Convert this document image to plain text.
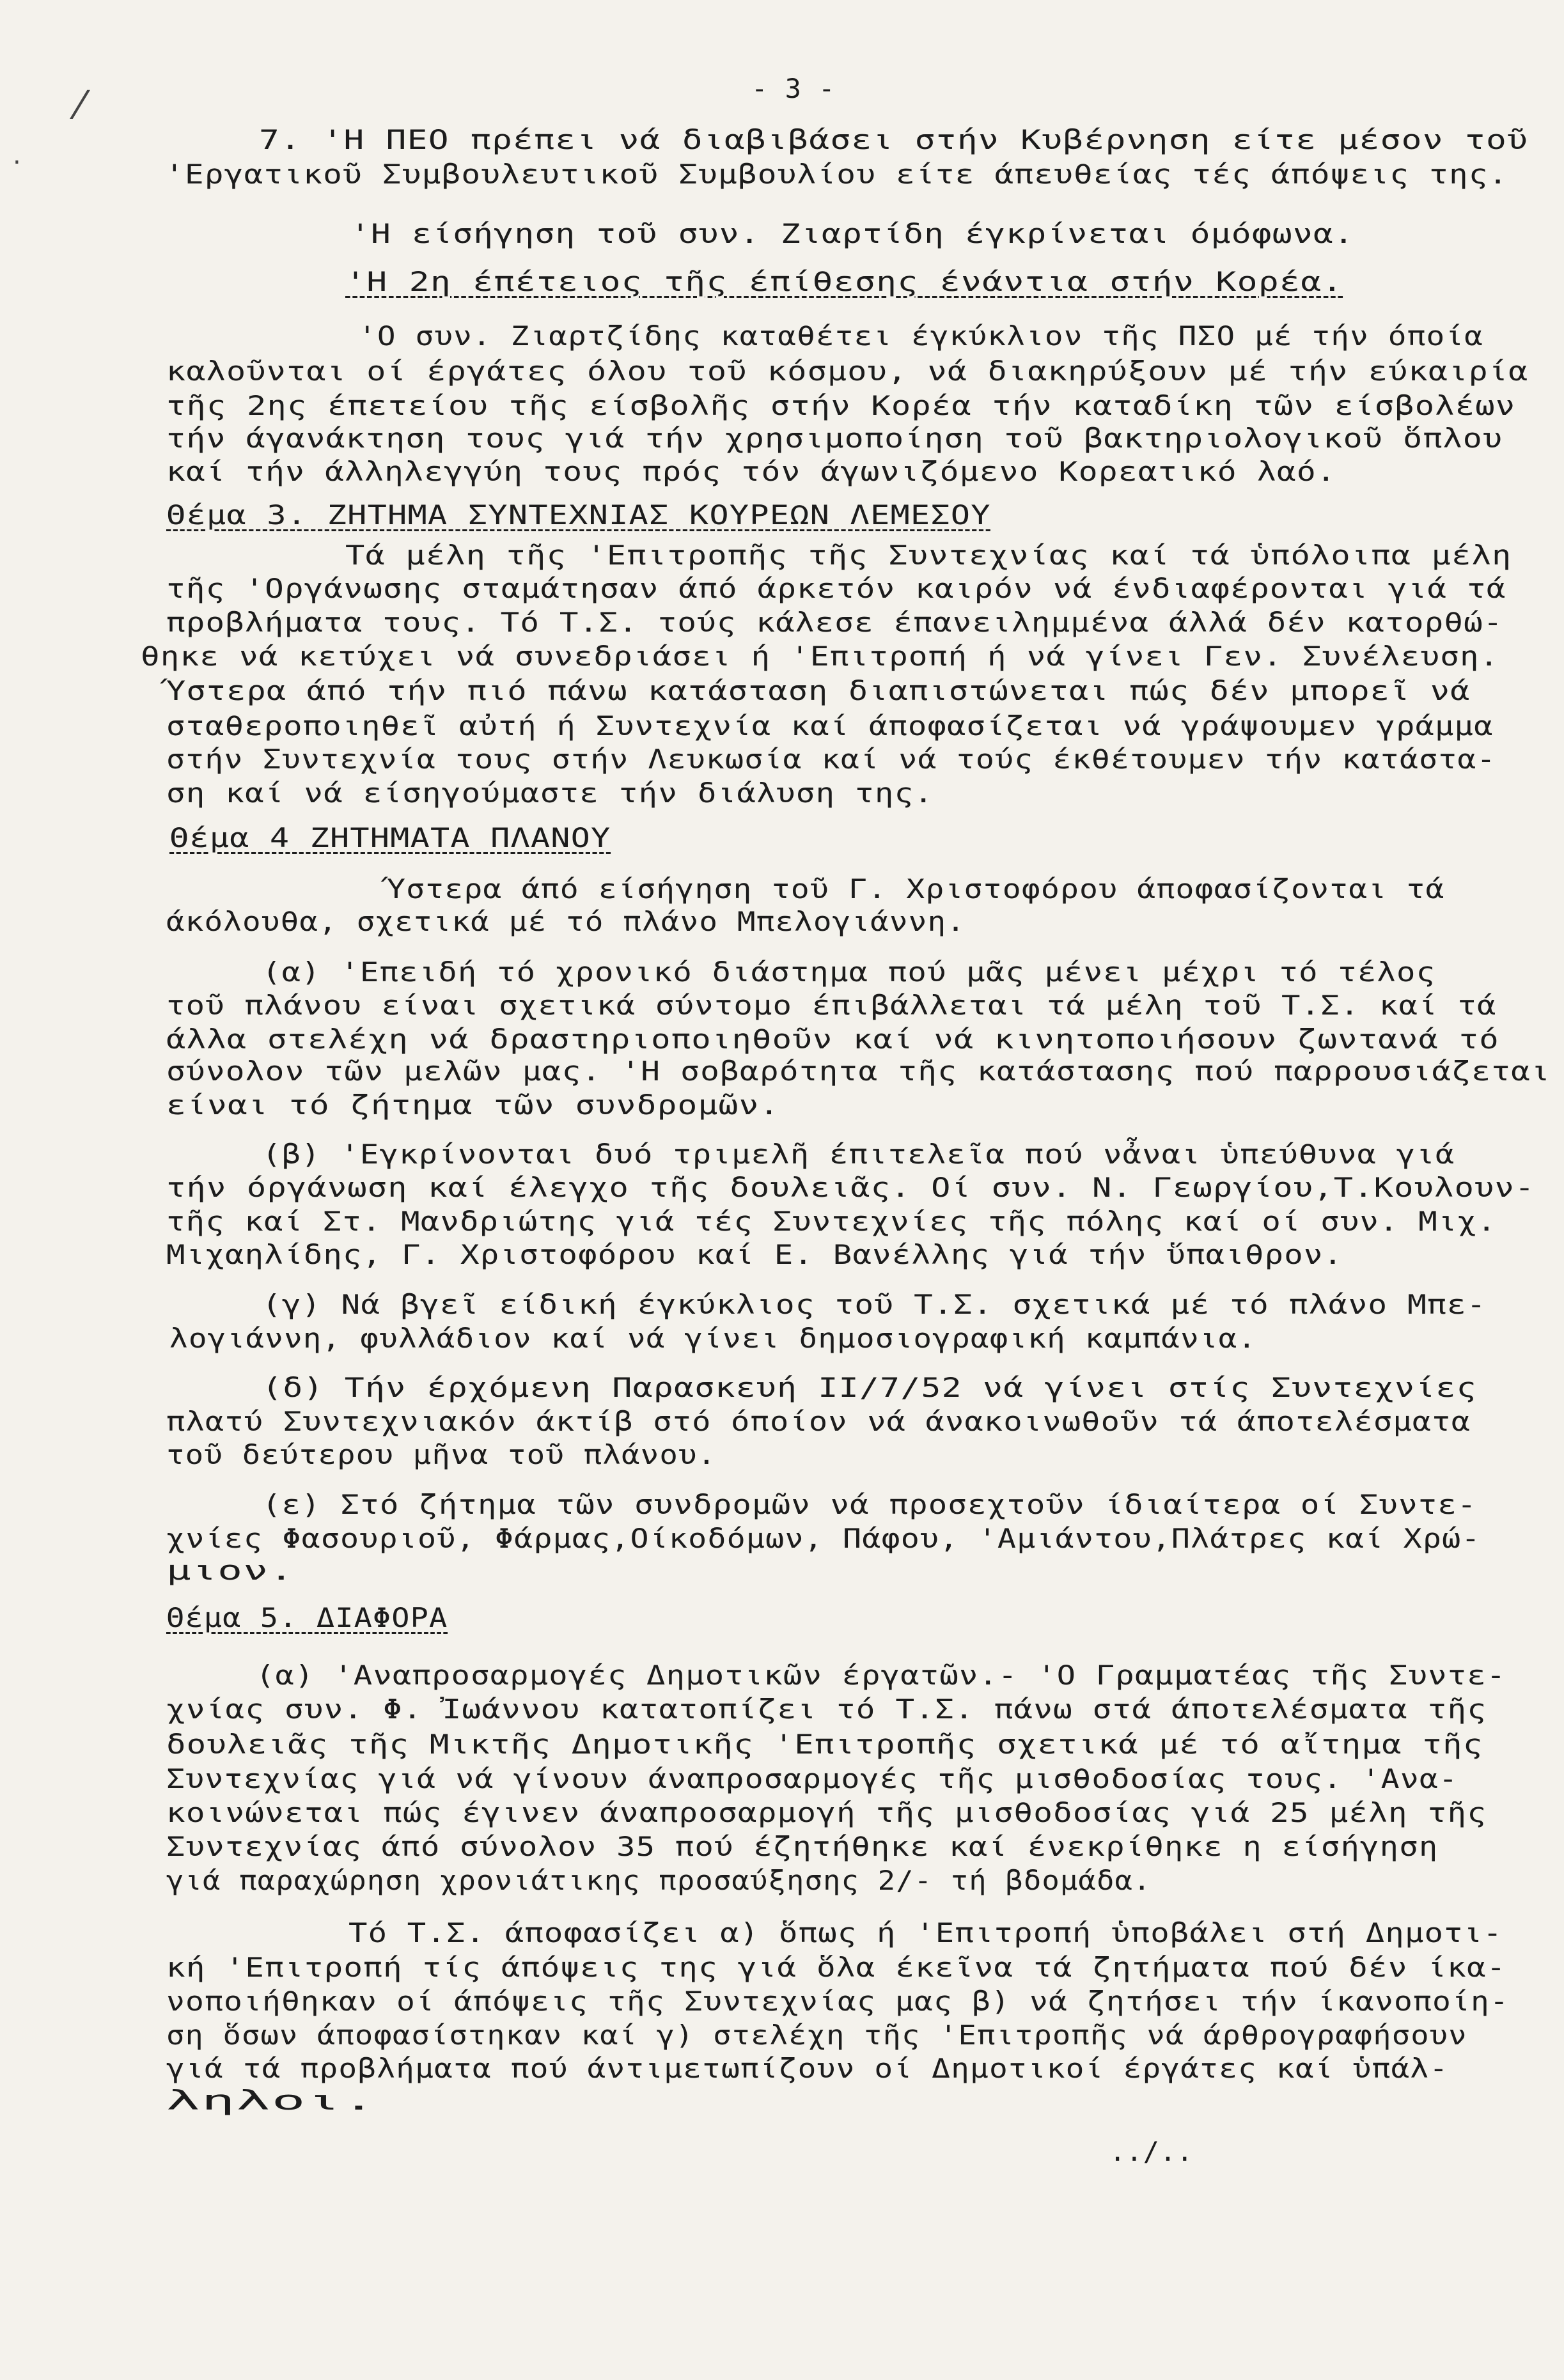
⁄
.
- 3 -
7. 'Η ΠΕΟ πρέπει νά διαβιβάσει στήν Κυβέρνηση είτε μέσον τοῦ
'Εργατικοῦ Συμβουλευτικοῦ Συμβουλίου είτε άπευθείας τές άπόψεις της.
'Η είσήγηση τοῦ συν. Ζιαρτίδη έγκρίνεται όμόφωνα.
'Η 2η έπέτειος τῆς έπίθεσης ένάντια στήν Κορέα.
'Ο συν. Ζιαρτζίδης καταθέτει έγκύκλιον τῆς ΠΣΟ μέ τήν όποία
καλοῦνται οί έργάτες όλου τοῦ κόσμου, νά διακηρύξουν μέ τήν εύκαιρία
τῆς 2ης έπετείου τῆς είσβολῆς στήν Κορέα τήν καταδίκη τῶν είσβολέων
τήν άγανάκτηση τους γιά τήν χρησιμοποίηση τοῦ βακτηριολογικοῦ ὅπλου
καί τήν άλληλεγγύη τους πρός τόν άγωνιζόμενο Κορεατικό λαό.
Θέμα 3. ΖΗΤΗΜΑ ΣΥΝΤΕΧΝΙΑΣ ΚΟΥΡΕΩΝ ΛΕΜΕΣΟΥ
Τά μέλη τῆς 'Επιτροπῆς τῆς Συντεχνίας καί τά ὑπόλοιπα μέλη
τῆς 'Οργάνωσης σταμάτησαν άπό άρκετόν καιρόν νά ένδιαφέρονται γιά τά
προβλήματα τους. Τό Τ.Σ. τούς κάλεσε έπανειλημμένα άλλά δέν κατορθώ-
θηκε νά κετύχει νά συνεδριάσει ή 'Επιτροπή ή νά γίνει Γεν. Συνέλευση.
Ύστερα άπό τήν πιό πάνω κατάσταση διαπιστώνεται πώς δέν μπορεῖ νά
σταθεροποιηθεῖ αὐτή ή Συντεχνία καί άποφασίζεται νά γράψουμεν γράμμα
στήν Συντεχνία τους στήν Λευκωσία καί νά τούς έκθέτουμεν τήν κατάστα-
ση καί νά είσηγούμαστε τήν διάλυση της.
Θέμα 4 ΖΗΤΗΜΑΤΑ ΠΛΑΝΟΥ
Ύστερα άπό είσήγηση τοῦ Γ. Χριστοφόρου άποφασίζονται τά
άκόλουθα, σχετικά μέ τό πλάνο Μπελογιάννη.
(α) 'Επειδή τό χρονικό διάστημα πού μᾶς μένει μέχρι τό τέλος
τοῦ πλάνου είναι σχετικά σύντομο έπιβάλλεται τά μέλη τοῦ Τ.Σ. καί τά
άλλα στελέχη νά δραστηριοποιηθοῦν καί νά κινητοποιήσουν ζωντανά τό
σύνολον τῶν μελῶν μας. 'Η σοβαρότητα τῆς κατάστασης πού παρρουσιάζεται
είναι τό ζήτημα τῶν συνδρομῶν.
(β) 'Εγκρίνονται δυό τριμελῆ έπιτελεῖα πού νἆναι ὑπεύθυνα γιά
τήν όργάνωση καί έλεγχο τῆς δουλειᾶς. Οί συν. Ν. Γεωργίου,Τ.Κουλουν-
τῆς καί Στ. Μανδριώτης γιά τές Συντεχνίες τῆς πόλης καί οί συν. Μιχ.
Μιχαηλίδης, Γ. Χριστοφόρου καί Ε. Βανέλλης γιά τήν ὕπαιθρον.
(γ) Νά βγεῖ είδική έγκύκλιος τοῦ Τ.Σ. σχετικά μέ τό πλάνο Μπε-
λογιάννη, φυλλάδιον καί νά γίνει δημοσιογραφική καμπάνια.
(δ) Τήν έρχόμενη Παρασκευή ΙΙ/7/52 νά γίνει στίς Συντεχνίες
πλατύ Συντεχνιακόν άκτίβ στό όποίον νά άνακοινωθοῦν τά άποτελέσματα
τοῦ δεύτερου μῆνα τοῦ πλάνου.
(ε) Στό ζήτημα τῶν συνδρομῶν νά προσεχτοῦν ίδιαίτερα οί Συντε-
χνίες Φασουριοῦ, Φάρμας,Οίκοδόμων, Πάφου, 'Αμιάντου,Πλάτρες καί Χρώ-
μιον.
Θέμα 5. ΔΙΑΦΟΡΑ
(α) 'Αναπροσαρμογές Δημοτικῶν έργατῶν.- 'Ο Γραμματέας τῆς Συντε-
χνίας συν. Φ. Ἰωάννου κατατοπίζει τό Τ.Σ. πάνω στά άποτελέσματα τῆς
δουλειᾶς τῆς Μικτῆς Δημοτικῆς 'Επιτροπῆς σχετικά μέ τό αἴτημα τῆς
Συντεχνίας γιά νά γίνουν άναπροσαρμογές τῆς μισθοδοσίας τους. 'Ανα-
κοινώνεται πώς έγινεν άναπροσαρμογή τῆς μισθοδοσίας γιά 25 μέλη τῆς
Συντεχνίας άπό σύνολον 35 πού έζητήθηκε καί ένεκρίθηκε η είσήγηση
γιά παραχώρηση χρονιάτικης προσαύξησης 2/- τή βδομάδα.
Τό Τ.Σ. άποφασίζει α) ὅπως ή 'Επιτροπή ὑποβάλει στή Δημοτι-
κή 'Επιτροπή τίς άπόψεις της γιά ὅλα έκεῖνα τά ζητήματα πού δέν ίκα-
νοποιήθηκαν οί άπόψεις τῆς Συντεχνίας μας β) νά ζητήσει τήν ίκανοποίη-
ση ὅσων άποφασίστηκαν καί γ) στελέχη τῆς 'Επιτροπῆς νά άρθρογραφήσουν
γιά τά προβλήματα πού άντιμετωπίζουν οί Δημοτικοί έργάτες καί ὑπάλ-
ληλοι.
../..
